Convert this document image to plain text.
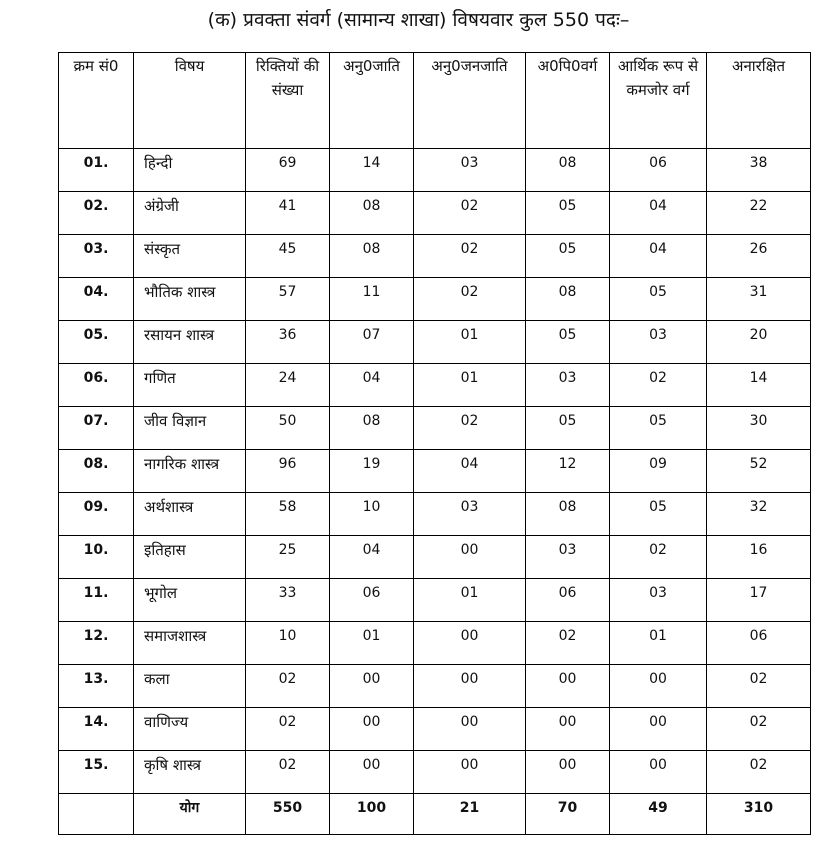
(क) प्रवक्ता संवर्ग (सामान्य शाखा) विषयवार कुल 550 पदः–
क्रम सं0	विषय	रिक्तियों की संख्या	अनु0जाति	अनु0जनजाति	अ0पि0वर्ग	आर्थिक रूप से कमजोर वर्ग	अनारक्षित
01.	हिन्दी	69	14	03	08	06	38
02.	अंग्रेजी	41	08	02	05	04	22
03.	संस्कृत	45	08	02	05	04	26
04.	भौतिक शास्त्र	57	11	02	08	05	31
05.	रसायन शास्त्र	36	07	01	05	03	20
06.	गणित	24	04	01	03	02	14
07.	जीव विज्ञान	50	08	02	05	05	30
08.	नागरिक शास्त्र	96	19	04	12	09	52
09.	अर्थशास्त्र	58	10	03	08	05	32
10.	इतिहास	25	04	00	03	02	16
11.	भूगोल	33	06	01	06	03	17
12.	समाजशास्त्र	10	01	00	02	01	06
13.	कला	02	00	00	00	00	02
14.	वाणिज्य	02	00	00	00	00	02
15.	कृषि शास्त्र	02	00	00	00	00	02
	योग	550	100	21	70	49	310
